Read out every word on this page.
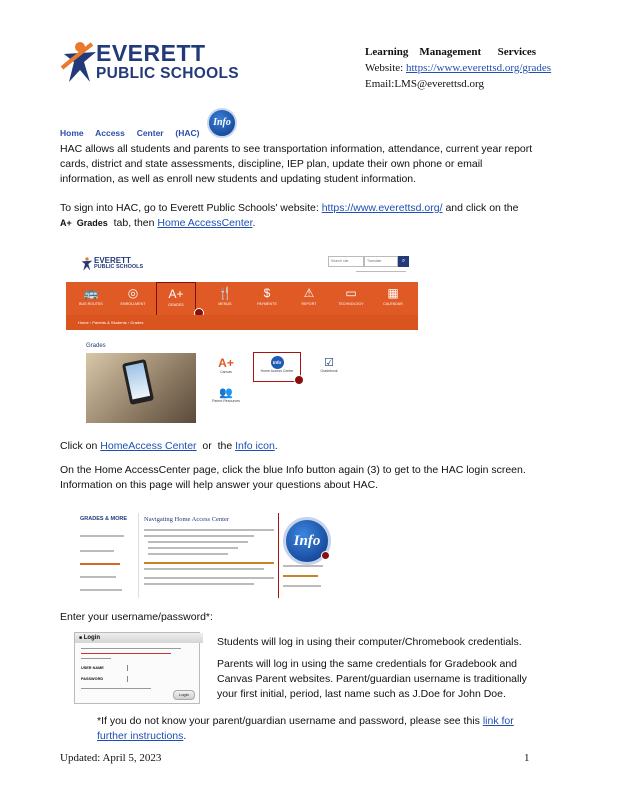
EVERETT
PUBLIC SCHOOLS
Learning    Management      Services
Website: https://www.everettsd.org/grades
Email:LMS@everettsd.org
Home     Access     Center     (HAC)
Info
HAC allows all students and parents to see transportation information, attendance, current year report cards, district and state assessments, discipline, IEP plan, update their own phone or email information, as well as enroll new students and updating student information.
To sign into HAC, go to Everett Public Schools' website: https://www.everettsd.org/ and click on the A+  Grades  tab, then Home AccessCenter.
EVERETT
PUBLIC SCHOOLS
Search site	Translate	⌕
🚌
BUS ROUTES
◎
ENROLLMENT
A+
GRADES
🍴
MENUS
$
PAYMENTS
⚠
REPORT
▭
TECHNOLOGY
▦
CALENDAR
Home › Parents & Students › Grades
Grades
A+
Canvas
Info
Home Access Center
☑
Gradebook
👥
Parent Resources
Click on HomeAccess Center  or  the Info icon.
On the Home AccessCenter page, click the blue Info button again (3) to get to the HAC login screen. Information on this page will help answer your questions about HAC.
GRADES & MORE	Navigating Home Access Center
Info
Enter your username/password*:
■ Login
USER NAME
PASSWORD
Login
Students will log in using their computer/Chromebook credentials.
Parents will log in using the same credentials for Gradebook and Canvas Parent websites. Parent/guardian username is traditionally your first initial, period, last name such as J.Doe for John Doe.
*If you do not know your parent/guardian username and password, please see this link for further instructions.
Updated: April 5, 2023	1
